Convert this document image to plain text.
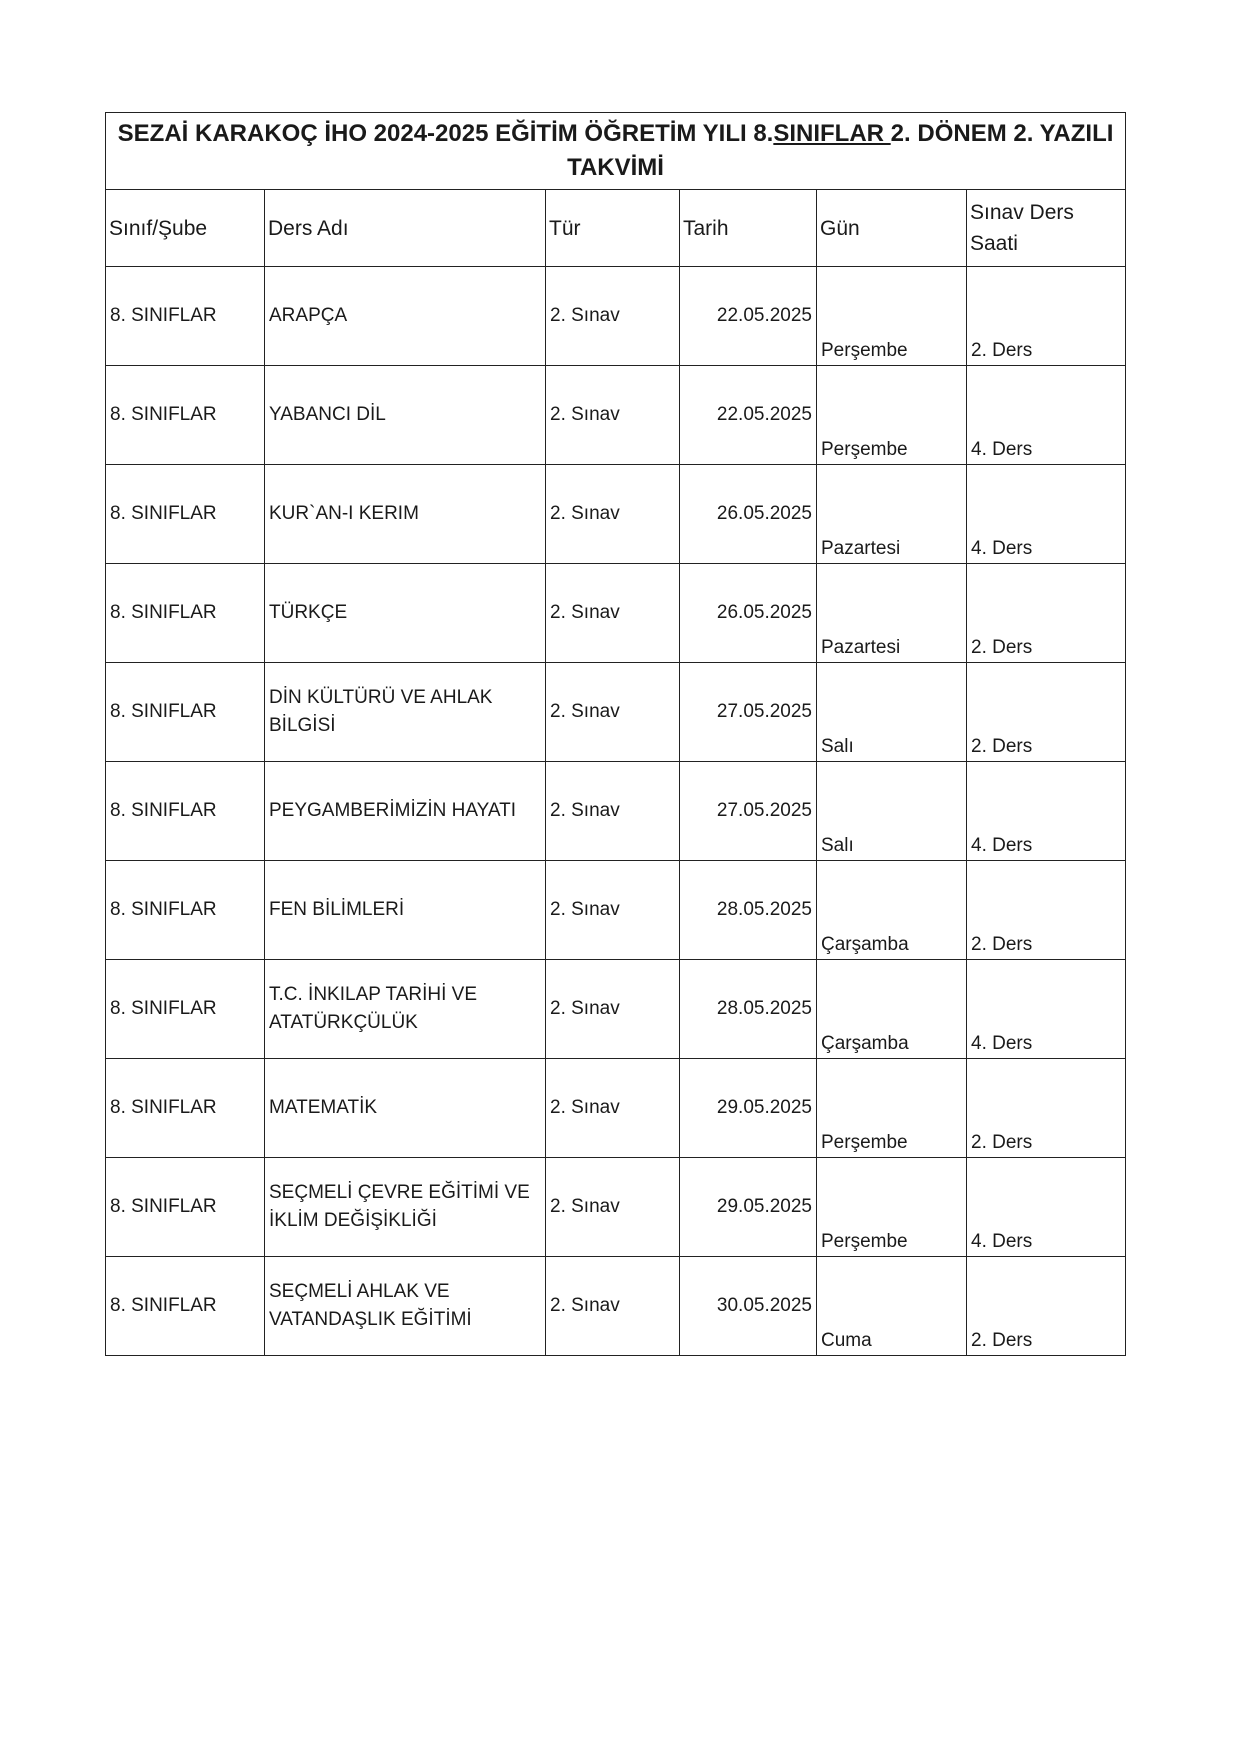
SEZAİ KARAKOÇ İHO 2024-2025 EĞİTİM ÖĞRETİM YILI 8.SINIFLAR 2. DÖNEM 2. YAZILI TAKVİMİ					
Sınıf/Şube	Ders Adı	Tür	Tarih	Gün	Sınav Ders Saati
8. SINIFLAR	ARAPÇA	2. Sınav	22.05.2025	Perşembe	2. Ders
8. SINIFLAR	YABANCI DİL	2. Sınav	22.05.2025	Perşembe	4. Ders
8. SINIFLAR	KUR`AN-I KERIM	2. Sınav	26.05.2025	Pazartesi	4. Ders
8. SINIFLAR	TÜRKÇE	2. Sınav	26.05.2025	Pazartesi	2. Ders
8. SINIFLAR	DİN KÜLTÜRÜ VE AHLAK BİLGİSİ	2. Sınav	27.05.2025	Salı	2. Ders
8. SINIFLAR	PEYGAMBERİMİZİN HAYATI	2. Sınav	27.05.2025	Salı	4. Ders
8. SINIFLAR	FEN BİLİMLERİ	2. Sınav	28.05.2025	Çarşamba	2. Ders
8. SINIFLAR	T.C. İNKILAP TARİHİ VE ATATÜRKÇÜLÜK	2. Sınav	28.05.2025	Çarşamba	4. Ders
8. SINIFLAR	MATEMATİK	2. Sınav	29.05.2025	Perşembe	2. Ders
8. SINIFLAR	SEÇMELİ ÇEVRE EĞİTİMİ VE İKLİM DEĞİŞİKLİĞİ	2. Sınav	29.05.2025	Perşembe	4. Ders
8. SINIFLAR	SEÇMELİ AHLAK VE VATANDAŞLIK EĞİTİMİ	2. Sınav	30.05.2025	Cuma	2. Ders
